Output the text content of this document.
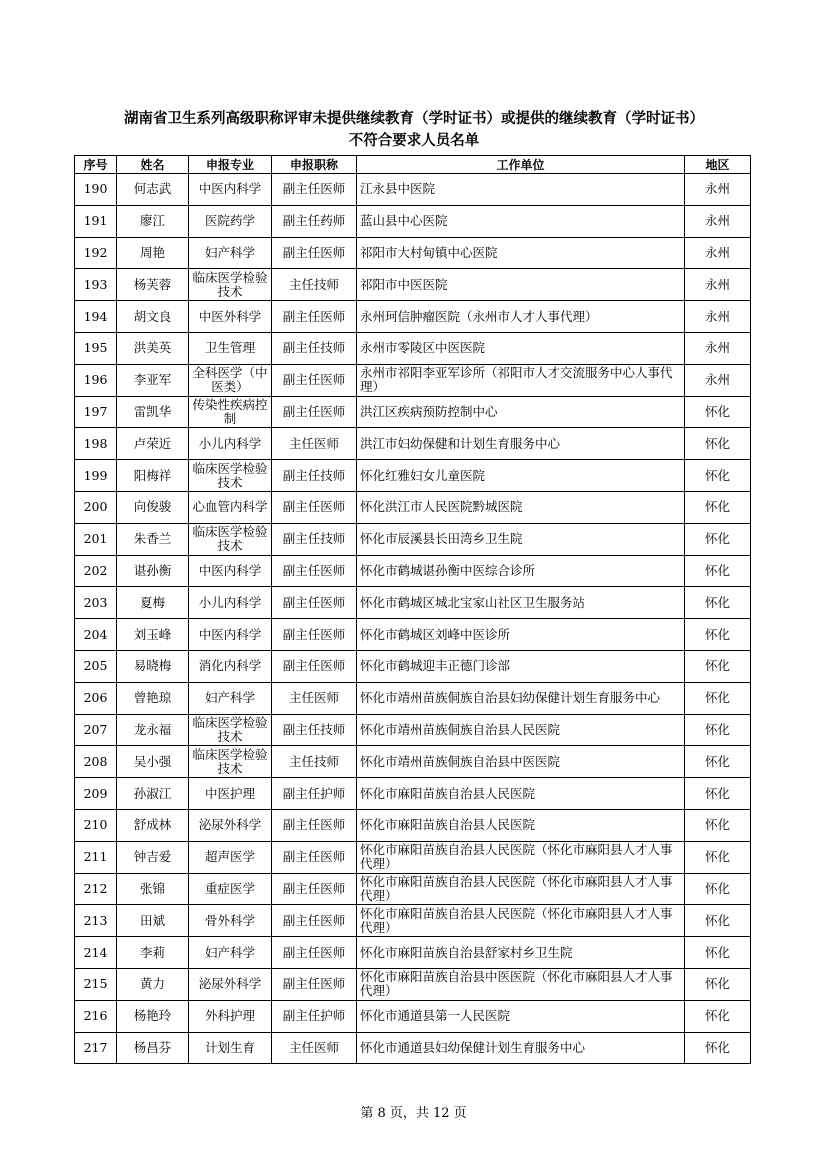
湖南省卫生系列高级职称评审未提供继续教育（学时证书）或提供的继续教育（学时证书）
不符合要求人员名单
序号	姓名	申报专业	申报职称	工作单位	地区
190	何志武	中医内科学	副主任医师	江永县中医院	永州
191	廖江	医院药学	副主任药师	蓝山县中心医院	永州
192	周艳	妇产科学	副主任医师	祁阳市大村甸镇中心医院	永州
193	杨芙蓉	临床医学检验技术	主任技师	祁阳市中医医院	永州
194	胡文良	中医外科学	副主任医师	永州珂信肿瘤医院（永州市人才人事代理）	永州
195	洪美英	卫生管理	副主任技师	永州市零陵区中医医院	永州
196	李亚军	全科医学（中医类）	副主任医师	永州市祁阳李亚军诊所（祁阳市人才交流服务中心人事代理）	永州
197	雷凯华	传染性疾病控制	副主任医师	洪江区疾病预防控制中心	怀化
198	卢荣近	小儿内科学	主任医师	洪江市妇幼保健和计划生育服务中心	怀化
199	阳梅祥	临床医学检验技术	副主任技师	怀化红雅妇女儿童医院	怀化
200	向俊骏	心血管内科学	副主任医师	怀化洪江市人民医院黔城医院	怀化
201	朱香兰	临床医学检验技术	副主任技师	怀化市辰溪县长田湾乡卫生院	怀化
202	谌孙衡	中医内科学	副主任医师	怀化市鹤城谌孙衡中医综合诊所	怀化
203	夏梅	小儿内科学	副主任医师	怀化市鹤城区城北宝家山社区卫生服务站	怀化
204	刘玉峰	中医内科学	副主任医师	怀化市鹤城区刘峰中医诊所	怀化
205	易晓梅	消化内科学	副主任医师	怀化市鹤城迎丰正德门诊部	怀化
206	曾艳琼	妇产科学	主任医师	怀化市靖州苗族侗族自治县妇幼保健计划生育服务中心	怀化
207	龙永福	临床医学检验技术	副主任技师	怀化市靖州苗族侗族自治县人民医院	怀化
208	吴小强	临床医学检验技术	主任技师	怀化市靖州苗族侗族自治县中医医院	怀化
209	孙淑江	中医护理	副主任护师	怀化市麻阳苗族自治县人民医院	怀化
210	舒成林	泌尿外科学	副主任医师	怀化市麻阳苗族自治县人民医院	怀化
211	钟吉爱	超声医学	副主任医师	怀化市麻阳苗族自治县人民医院（怀化市麻阳县人才人事代理）	怀化
212	张锦	重症医学	副主任医师	怀化市麻阳苗族自治县人民医院（怀化市麻阳县人才人事代理）	怀化
213	田斌	骨外科学	副主任医师	怀化市麻阳苗族自治县人民医院（怀化市麻阳县人才人事代理）	怀化
214	李莉	妇产科学	副主任医师	怀化市麻阳苗族自治县舒家村乡卫生院	怀化
215	黄力	泌尿外科学	副主任医师	怀化市麻阳苗族自治县中医医院（怀化市麻阳县人才人事代理）	怀化
216	杨艳玲	外科护理	副主任护师	怀化市通道县第一人民医院	怀化
217	杨昌芬	计划生育	主任医师	怀化市通道县妇幼保健计划生育服务中心	怀化
第 8 页，共 12 页
